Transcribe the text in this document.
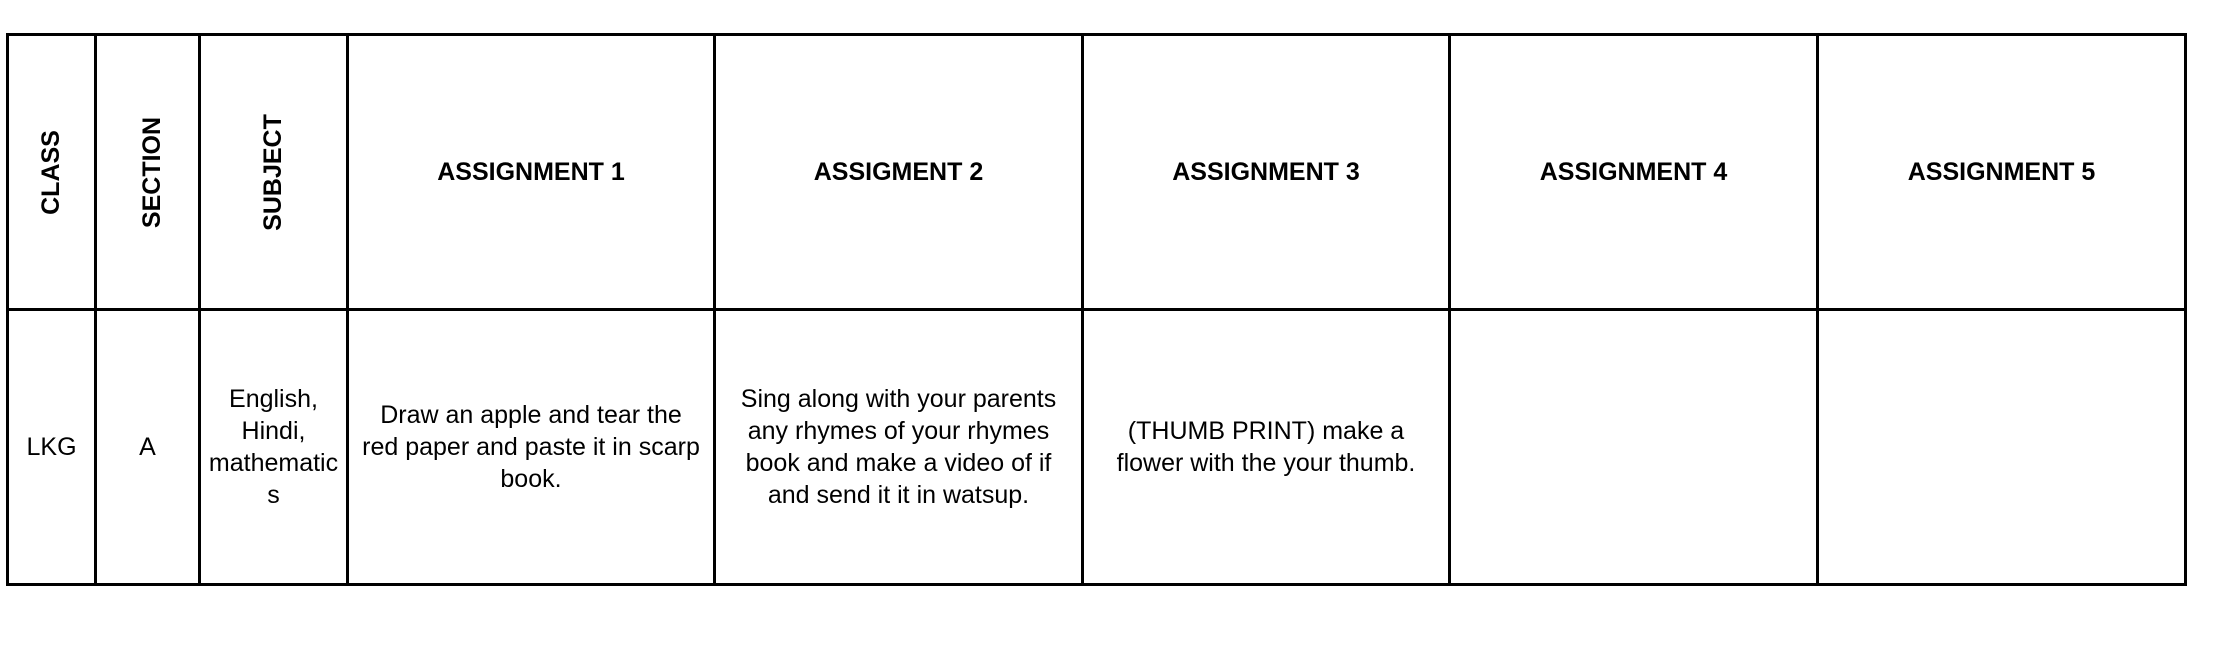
CLASS	SECTION	SUBJECT	ASSIGNMENT 1	ASSIGMENT 2	ASSIGNMENT 3	ASSIGNMENT 4	ASSIGNMENT 5

LKG	A	English,
Hindi,
mathematic
s	Draw an apple and tear the
red paper and paste it in scarp
book.	Sing along with your parents
any rhymes of your rhymes
book and make a video of if
and send it it in watsup.	(THUMB PRINT) make a
flower with the your thumb.		
